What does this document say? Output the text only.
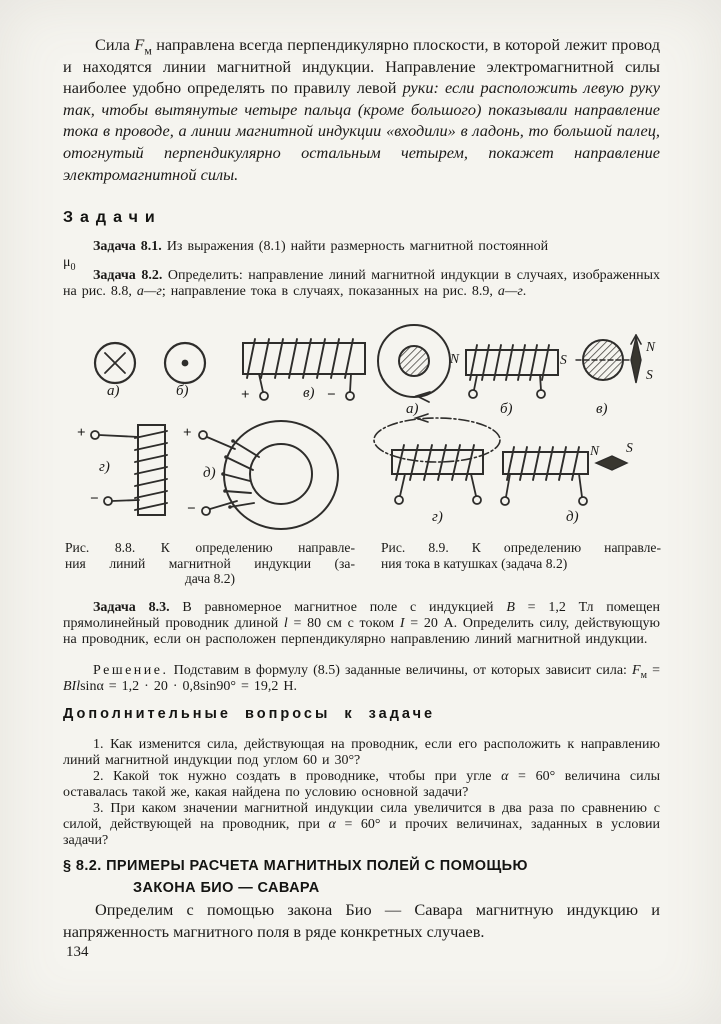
Сила $F_м$ направлена всегда перпендикулярно плоскости, в которой лежит провод и находятся линии магнитной индукции. Направление электромагнитной силы наиболее удобно определять по правилу левой руки: если расположить левую руку так, чтобы вытянутые четыре пальца (кроме большого) показывали направление тока в проводе, а линии магнитной индукции «входили» в ладонь, то большой палец, отогнутый перпендикулярно остальным четырем, покажет направление электромагнитной силы.

Задачи

Задача 8.1. Из выражения (8.1) найти размерность магнитной постоянной
$\mu_0$

Задача 8.2. Определить: направление линий магнитной индукции в случаях, изображенных на рис. 8.8, а—г; направление тока в случаях, показанных на рис. 8.9, а—г.

а)	б)	+	в) −
+
г)
−
+
д)
−
а)
N
б)
S
в)
N
S
г)	д)
N S
Рис. 8.8. К определению направле-
ния линий магнитной индукции (за-
дача 8.2)
Рис. 8.9. К определению направле-
ния тока в катушках (задача 8.2)

Задача 8.3. В равномерное магнитное поле с индукцией B = 1,2 Тл помещен прямолинейный проводник длиной l = 80 см с током I = 20 А. Определить силу, действующую на проводник, если он расположен перпендикулярно направлению линий магнитной индукции.

Решение. Подставим в формулу (8.5) заданные величины, от которых зависит сила: $F_м = BIlsin\alpha = 1,2 \cdot 20 \cdot 0,8\sin 90^\circ = 19,2$ Н.

Дополнительные вопросы к задаче

1. Как изменится сила, действующая на проводник, если его расположить к направлению линий магнитной индукции под углом 60 и 30°?

2. Какой ток нужно создать в проводнике, чтобы при угле α = 60° величина силы оставалась такой же, какая найдена по условию основной задачи?

3. При каком значении магнитной индукции сила увеличится в два раза по сравнению с силой, действующей на проводник, при α = 60° и прочих величинах, заданных в условии задачи?

§ 8.2. ПРИМЕРЫ РАСЧЕТА МАГНИТНЫХ ПОЛЕЙ С ПОМОЩЬЮ
ЗАКОНА БИО — САВАРА

Определим с помощью закона Био — Савара магнитную индукцию и напряженность магнитного поля в ряде конкретных случаев.

134
